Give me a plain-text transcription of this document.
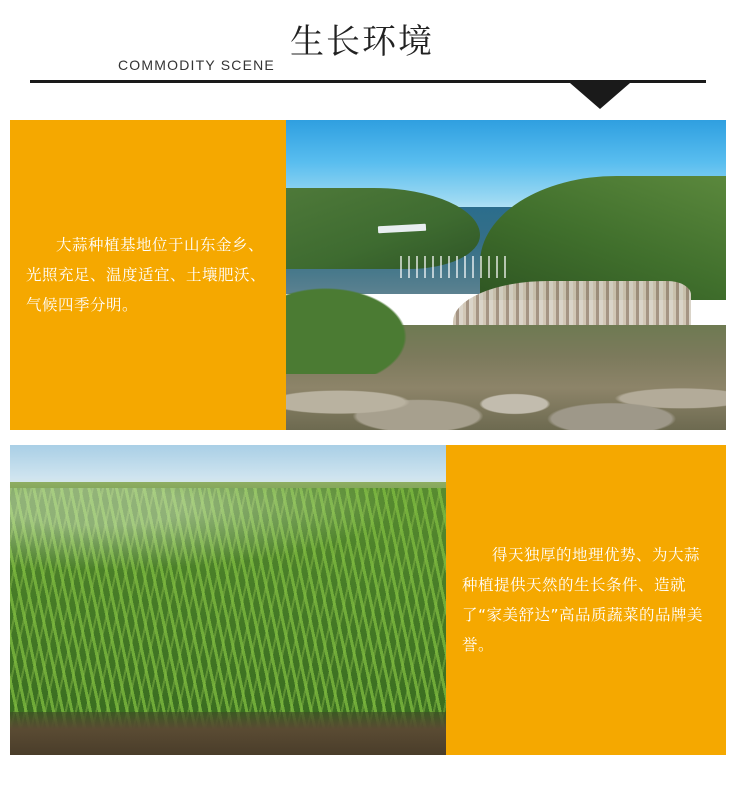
生长环境
COMMODITY SCENE
大蒜种植基地位于山东金乡、光照充足、温度适宜、土壤肥沃、气候四季分明。
得天独厚的地理优势、为大蒜种植提供天然的生长条件、造就了“家美舒达”高品质蔬菜的品牌美誉。
